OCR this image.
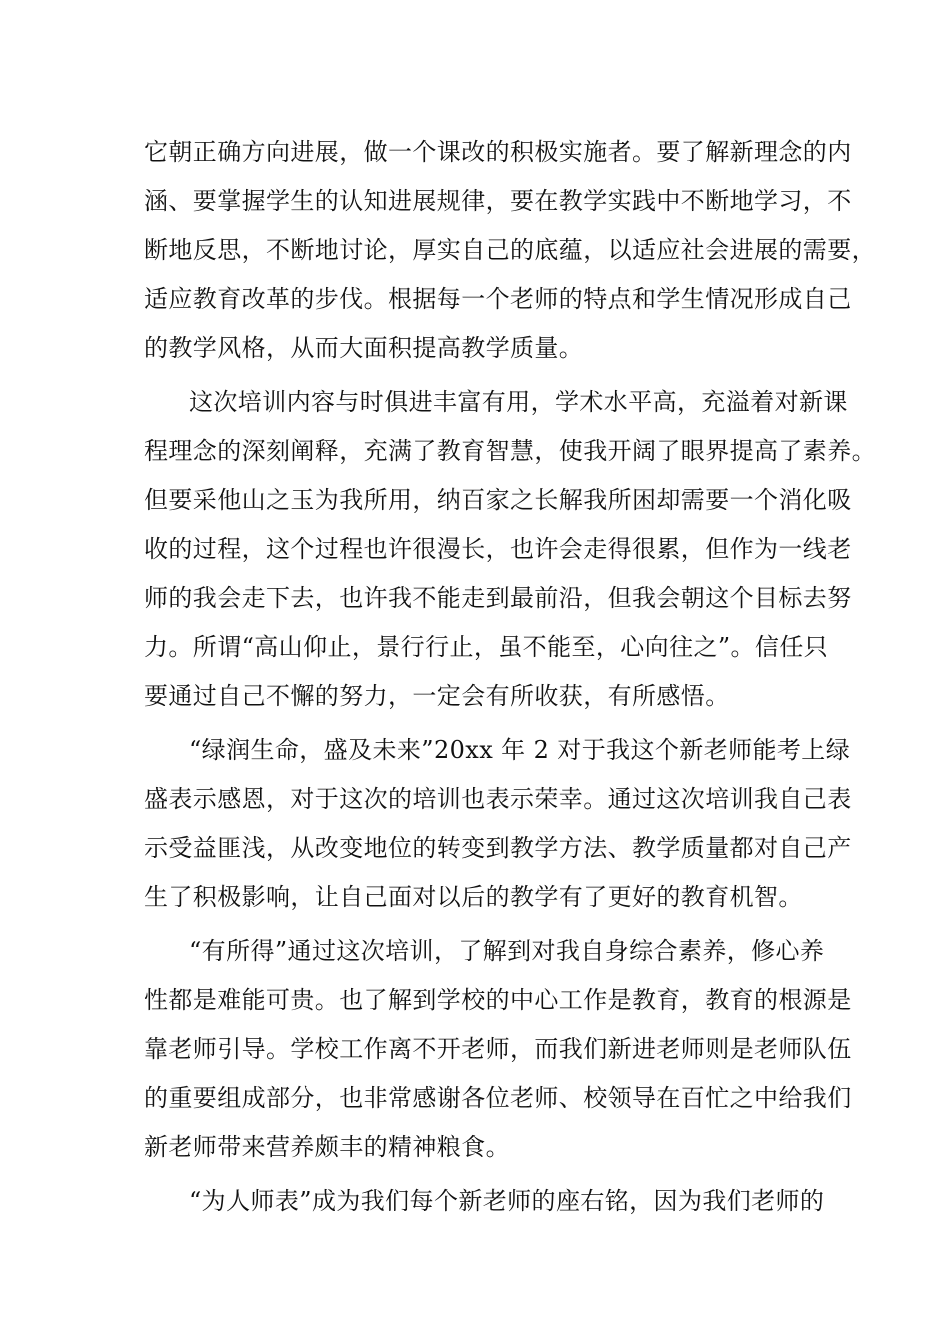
它朝正确方向进展，做一个课改的积极实施者。要了解新理念的内
涵、要掌握学生的认知进展规律，要在教学实践中不断地学习，不
断地反思，不断地讨论，厚实自己的底蕴，以适应社会进展的需要，
适应教育改革的步伐。根据每一个老师的特点和学生情况形成自己
的教学风格，从而大面积提高教学质量。
这次培训内容与时俱进丰富有用，学术水平高，充溢着对新课
程理念的深刻阐释，充满了教育智慧，使我开阔了眼界提高了素养。
但要采他山之玉为我所用，纳百家之长解我所困却需要一个消化吸
收的过程，这个过程也许很漫长，也许会走得很累，但作为一线老
师的我会走下去，也许我不能走到最前沿，但我会朝这个目标去努
力。所谓“高山仰止，景行行止，虽不能至，心向往之”。信任只
要通过自己不懈的努力，一定会有所收获，有所感悟。
“绿润生命，盛及未来”20xx 年 2 对于我这个新老师能考上绿
盛表示感恩，对于这次的培训也表示荣幸。通过这次培训我自己表
示受益匪浅，从改变地位的转变到教学方法、教学质量都对自己产
生了积极影响，让自己面对以后的教学有了更好的教育机智。
“有所得”通过这次培训，了解到对我自身综合素养，修心养
性都是难能可贵。也了解到学校的中心工作是教育，教育的根源是
靠老师引导。学校工作离不开老师，而我们新进老师则是老师队伍
的重要组成部分，也非常感谢各位老师、校领导在百忙之中给我们
新老师带来营养颇丰的精神粮食。
“为人师表”成为我们每个新老师的座右铭，因为我们老师的
